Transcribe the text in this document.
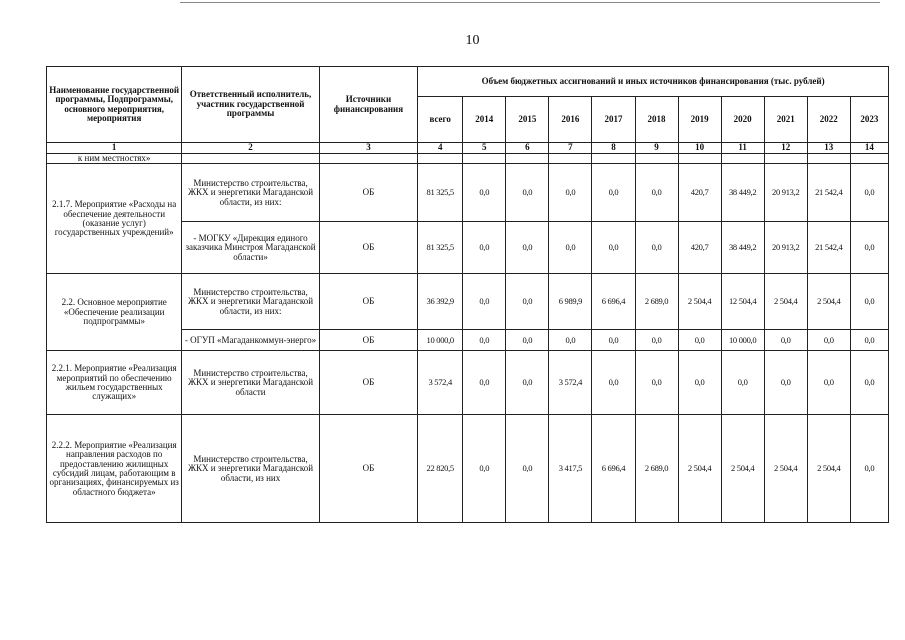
10
Наименование государственной программы, Подпрограммы, основного мероприятия, мероприятия	Ответственный исполнитель, участник государственной программы	Источники финансирования	Объем бюджетных ассигнований и иных источников финансирования (тыс. рублей)										
			всего	2014	2015	2016	2017	2018	2019	2020	2021	2022	2023
1	2	3	4	5	6	7	8	9	10	11	12	13	14
к ним местностях»													
2.1.7. Мероприятие «Расходы на обеспечение деятельности (оказание услуг) государственных учреждений»	Министерство строительства, ЖКХ и энергетики Магаданской области, из них:	ОБ	81 325,5	0,0	0,0	0,0	0,0	0,0	420,7	38 449,2	20 913,2	21 542,4	0,0
	- МОГКУ «Дирекция единого заказчика Минстроя Магаданской области»	ОБ	81 325,5	0,0	0,0	0,0	0,0	0,0	420,7	38 449,2	20 913,2	21 542,4	0,0
2.2. Основное мероприятие «Обеспечение реализации подпрограммы»	Министерство строительства, ЖКХ и энергетики Магаданской области, из них:	ОБ	36 392,9	0,0	0,0	6 989,9	6 696,4	2 689,0	2 504,4	12 504,4	2 504,4	2 504,4	0,0
	- ОГУП «Магаданкоммун-энерго»	ОБ	10 000,0	0,0	0,0	0,0	0,0	0,0	0,0	10 000,0	0,0	0,0	0,0
2.2.1. Мероприятие «Реализация мероприятий по обеспечению жильем государственных служащих»	Министерство строительства, ЖКХ и энергетики Магаданской области	ОБ	3 572,4	0,0	0,0	3 572,4	0,0	0,0	0,0	0,0	0,0	0,0	0,0
2.2.2. Мероприятие «Реализация направления расходов по предоставлению жилищных субсидий лицам, работающим в организациях, финансируемых из областного бюджета»	Министерство строительства, ЖКХ и энергетики Магаданской области, из них	ОБ	22 820,5	0,0	0,0	3 417,5	6 696,4	2 689,0	2 504,4	2 504,4	2 504,4	2 504,4	0,0
